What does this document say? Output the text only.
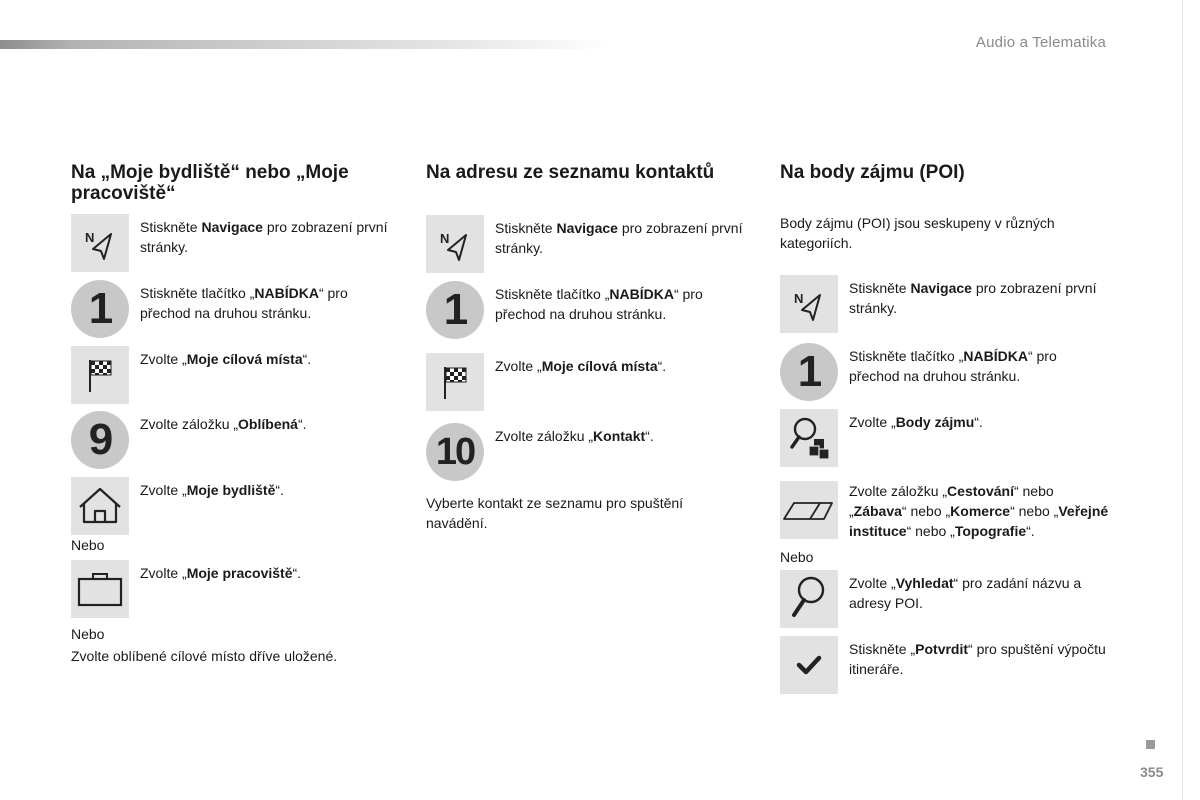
Audio a Telematika
355
Na „Moje bydliště“ nebo „Moje pracoviště“
N
Stiskněte Navigace pro zobrazení první stránky.
1	Stiskněte tlačítko „NABÍDKA“ pro přechod na druhou stránku.
Zvolte „Moje cílová místa“.
9	Zvolte záložku „Oblíbená“.
Zvolte „Moje bydliště“.
Nebo
Zvolte „Moje pracoviště“.
Nebo
Zvolte oblíbené cílové místo dříve uložené.
Na adresu ze seznamu kontaktů
N
Stiskněte Navigace pro zobrazení první stránky.
1	Stiskněte tlačítko „NABÍDKA“ pro přechod na druhou stránku.
Zvolte „Moje cílová místa“.
10	Zvolte záložku „Kontakt“.
Vyberte kontakt ze seznamu pro spuštění navádění.
Na body zájmu (POI)
Body zájmu (POI) jsou seskupeny v různých kategoriích.
N
Stiskněte Navigace pro zobrazení první stránky.
1	Stiskněte tlačítko „NABÍDKA“ pro přechod na druhou stránku.
Zvolte „Body zájmu“.
Zvolte záložku „Cestování“ nebo „Zábava“ nebo „Komerce“ nebo „Veřejné instituce“ nebo „Topografie“.
Nebo
Zvolte „Vyhledat“ pro zadání názvu a adresy POI.
Stiskněte „Potvrdit“ pro spuštění výpočtu itineráře.
